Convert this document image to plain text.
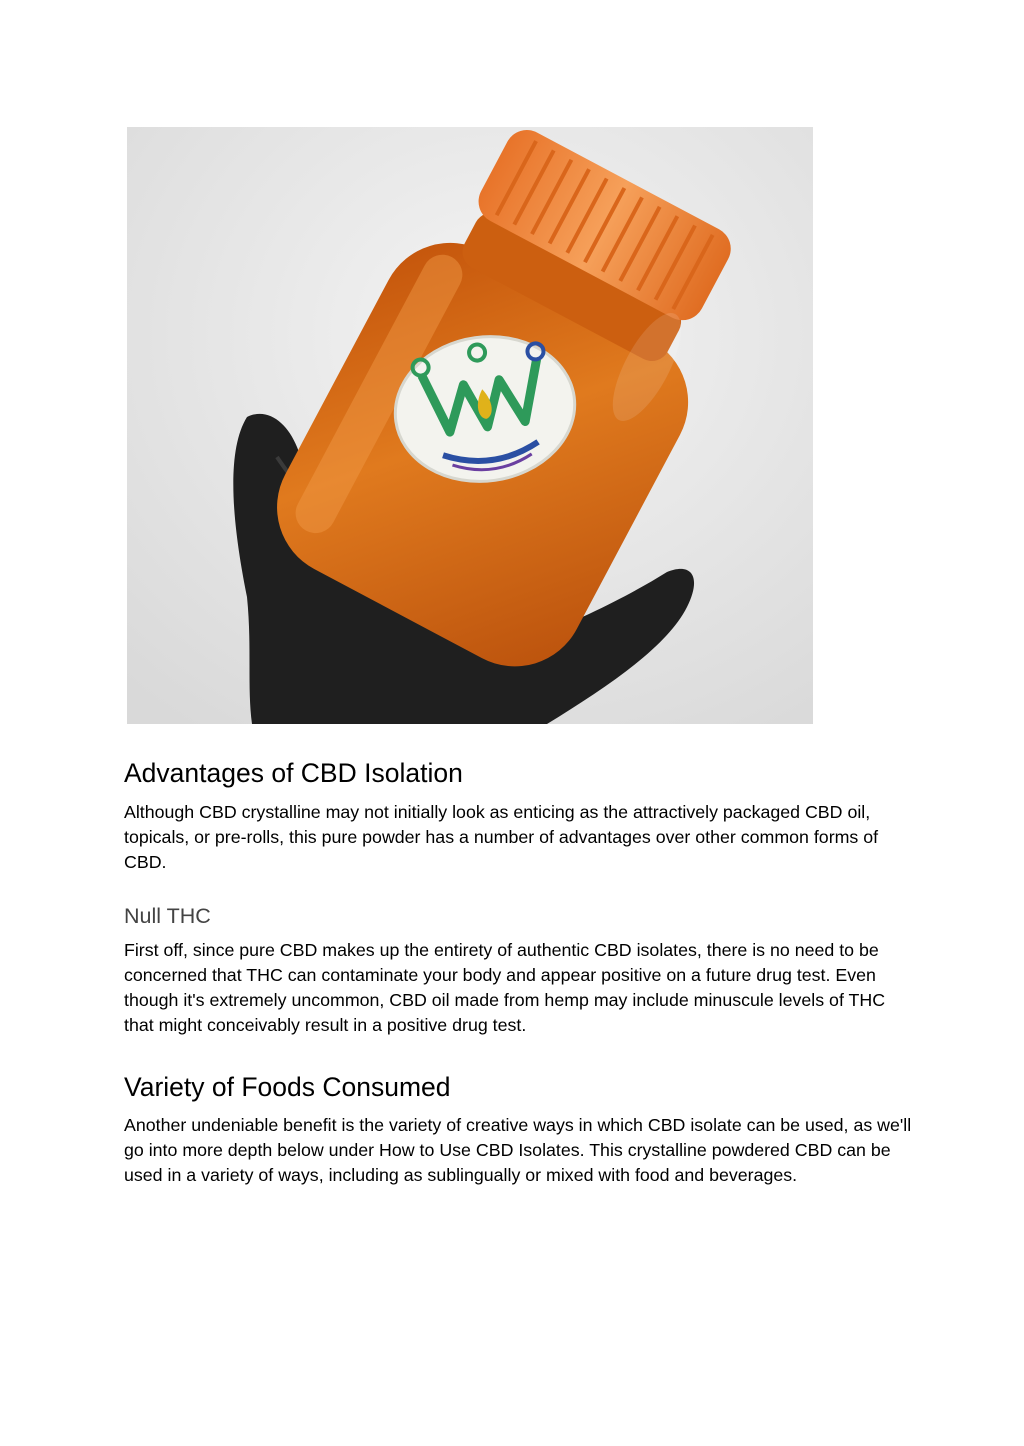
Advantages of CBD Isolation

Although CBD crystalline may not initially look as enticing as the attractively packaged CBD oil, topicals, or pre-rolls, this pure powder has a number of advantages over other common forms of CBD.

Null THC

First off, since pure CBD makes up the entirety of authentic CBD isolates, there is no need to be concerned that THC can contaminate your body and appear positive on a future drug test. Even though it's extremely uncommon, CBD oil made from hemp may include minuscule levels of THC that might conceivably result in a positive drug test.

Variety of Foods Consumed

Another undeniable benefit is the variety of creative ways in which CBD isolate can be used, as we'll go into more depth below under How to Use CBD Isolates. This crystalline powdered CBD can be used in a variety of ways, including as sublingually or mixed with food and beverages.
